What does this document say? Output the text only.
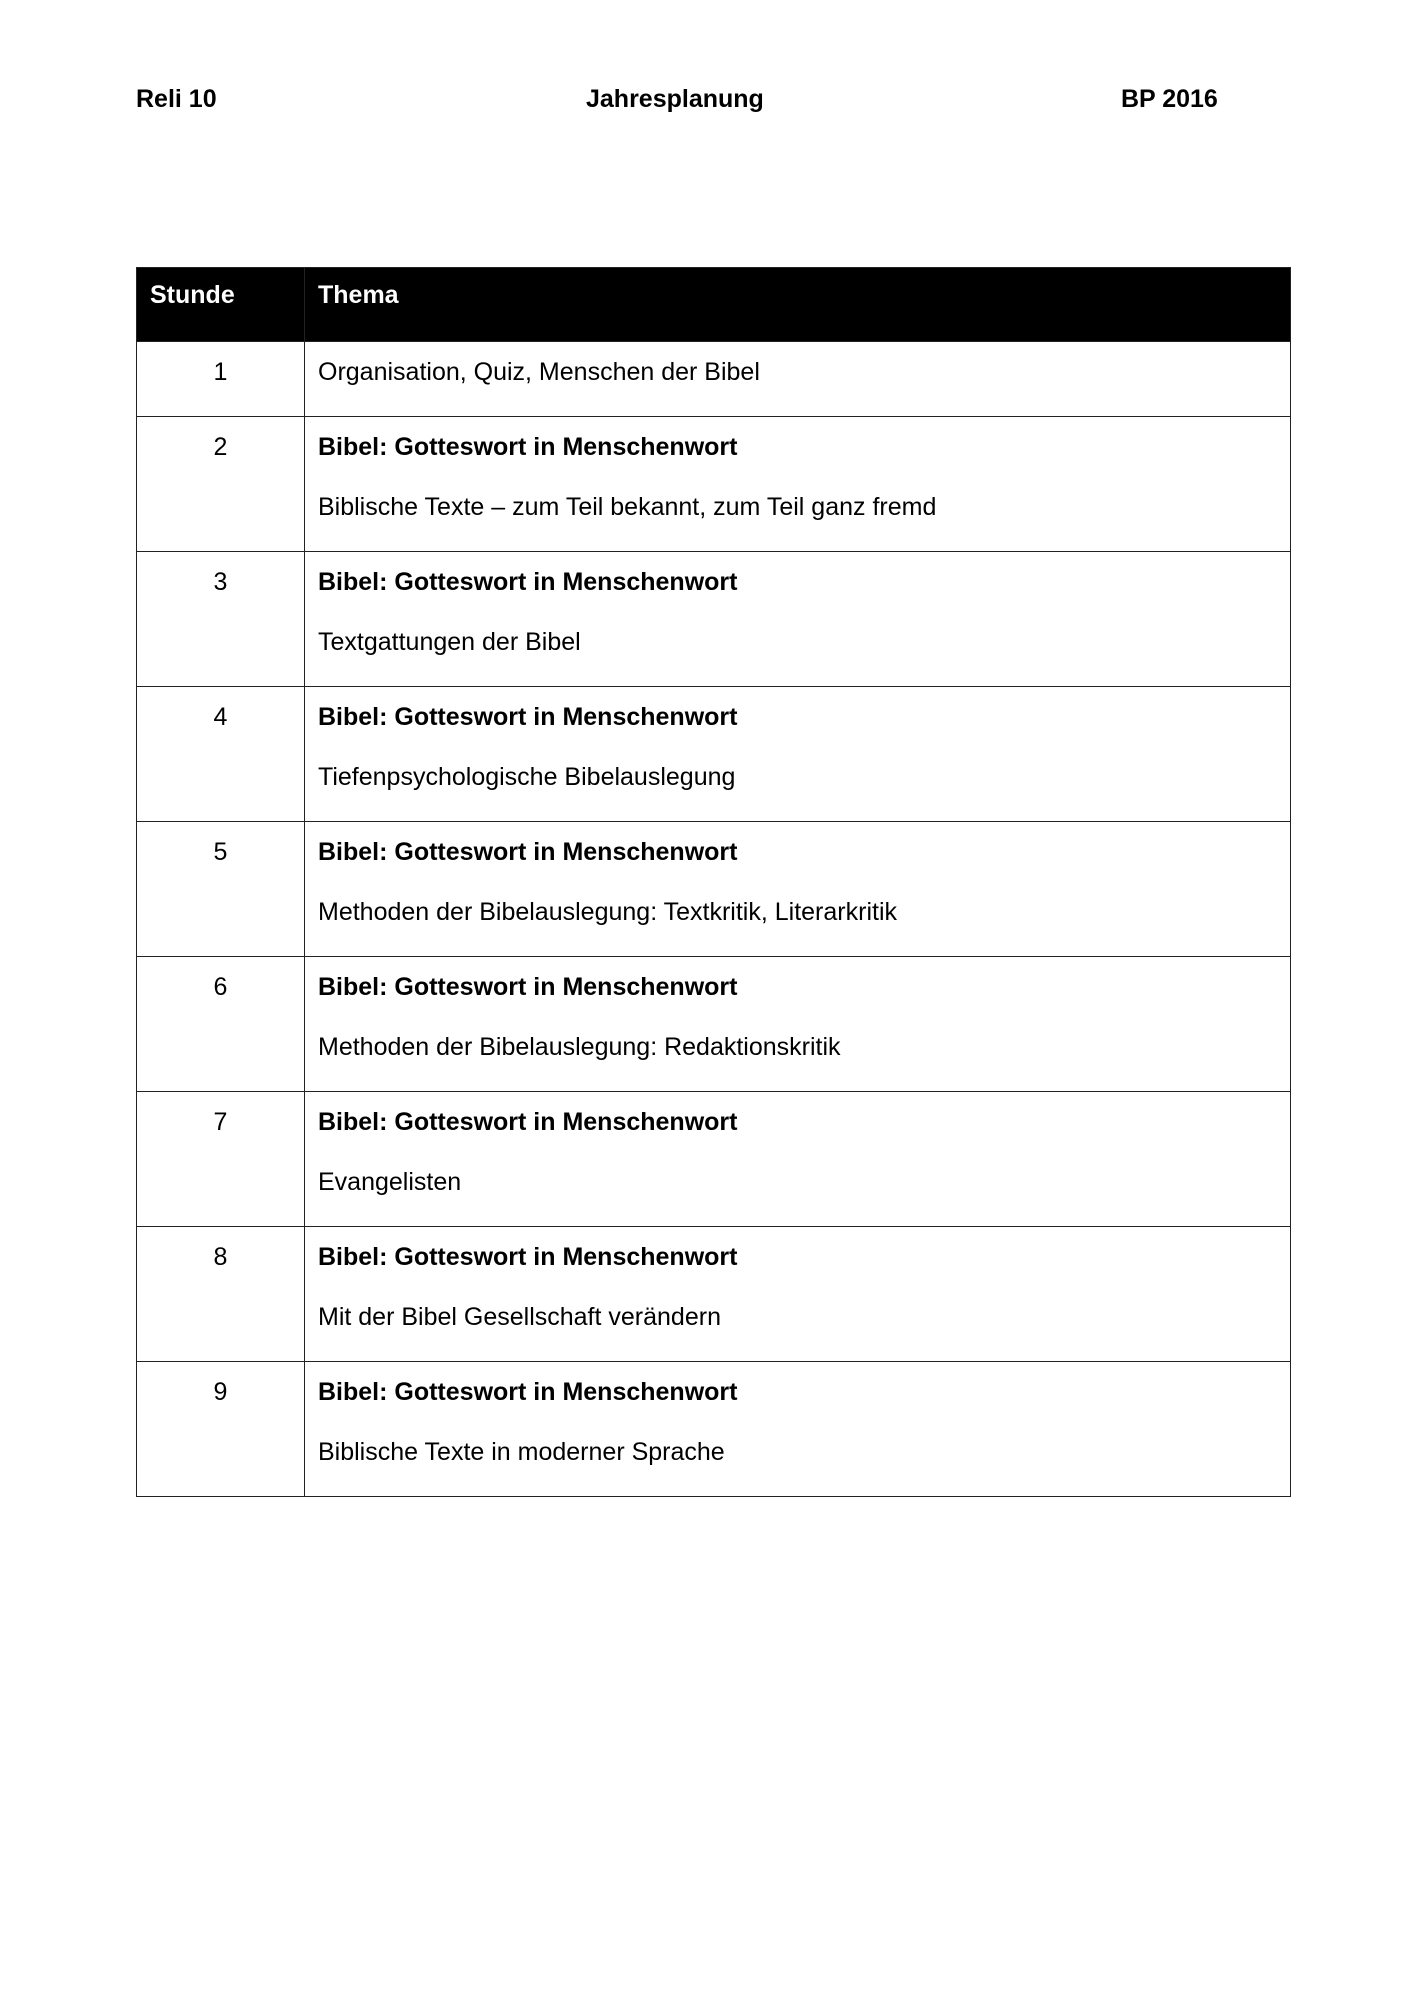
Reli 10	Jahresplanung	BP 2016
Stunde	Thema
1	Organisation, Quiz, Menschen der Bibel

2	Bibel: Gotteswort in Menschenwort
Biblische Texte – zum Teil bekannt, zum Teil ganz fremd

3	Bibel: Gotteswort in Menschenwort
Textgattungen der Bibel

4	Bibel: Gotteswort in Menschenwort
Tiefenpsychologische Bibelauslegung

5	Bibel: Gotteswort in Menschenwort
Methoden der Bibelauslegung: Textkritik, Literarkritik

6	Bibel: Gotteswort in Menschenwort
Methoden der Bibelauslegung: Redaktionskritik

7	Bibel: Gotteswort in Menschenwort
Evangelisten

8	Bibel: Gotteswort in Menschenwort
Mit der Bibel Gesellschaft verändern

9	Bibel: Gotteswort in Menschenwort
Biblische Texte in moderner Sprache
